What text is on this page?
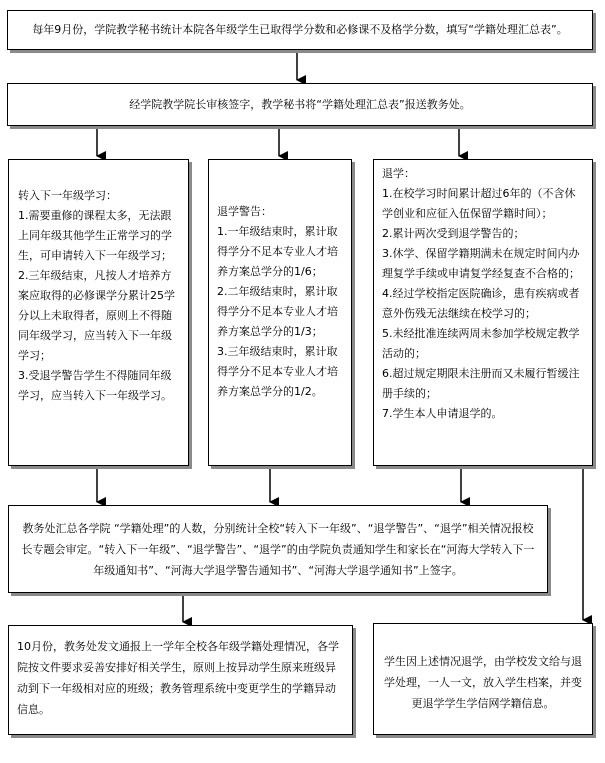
每年9月份，学院教学秘书统计本院各年级学生已取得学分数和必修课不及格学分数，填写“学籍处理汇总表”。
经学院教学院长审核签字，教学秘书将“学籍处理汇总表”报送教务处。
转入下一年级学习：
1.需要重修的课程太多，无法跟上同年级其他学生正常学习的学生，可申请转入下一年级学习；
2.三年级结束，凡按人才培养方案应取得的必修课学分累计25学分以上未取得者，原则上不得随同年级学习，应当转入下一年级学习；
3.受退学警告学生不得随同年级学习，应当转入下一年级学习。
退学警告：
1.一年级结束时，累计取得学分不足本专业人才培养方案总学分的1/6；
2.二年级结束时，累计取得学分不足本专业人才培养方案总学分的1/3；
3.三年级结束时，累计取得学分不足本专业人才培养方案总学分的1/2。
退学：
1.在校学习时间累计超过6年的（不含休学创业和应征入伍保留学籍时间）；
2.累计两次受到退学警告的；
3.休学、保留学籍期满未在规定时间内办理复学手续或申请复学经复查不合格的；
4.经过学校指定医院确诊，患有疾病或者意外伤残无法继续在校学习的；
5.未经批准连续两周未参加学校规定教学活动的；
6.超过规定期限未注册而又未履行暂缓注册手续的；
7.学生本人申请退学的。
教务处汇总各学院 “学籍处理”的人数，分别统计全校“转入下一年级”、“退学警告”、“退学”相关情况报校长专题会审定。“转入下一年级”、“退学警告”、“退学”的由学院负责通知学生和家长在“河海大学转入下一年级通知书”、“河海大学退学警告通知书”、“河海大学退学通知书”上签字。
10月份，教务处发文通报上一学年全校各年级学籍处理情况，各学院按文件要求妥善安排好相关学生，原则上按异动学生原来班级异动到下一年级相对应的班级；教务管理系统中变更学生的学籍异动信息。
学生因上述情况退学，由学校发文给与退学处理，一人一文，放入学生档案，并变更退学学生学信网学籍信息。
